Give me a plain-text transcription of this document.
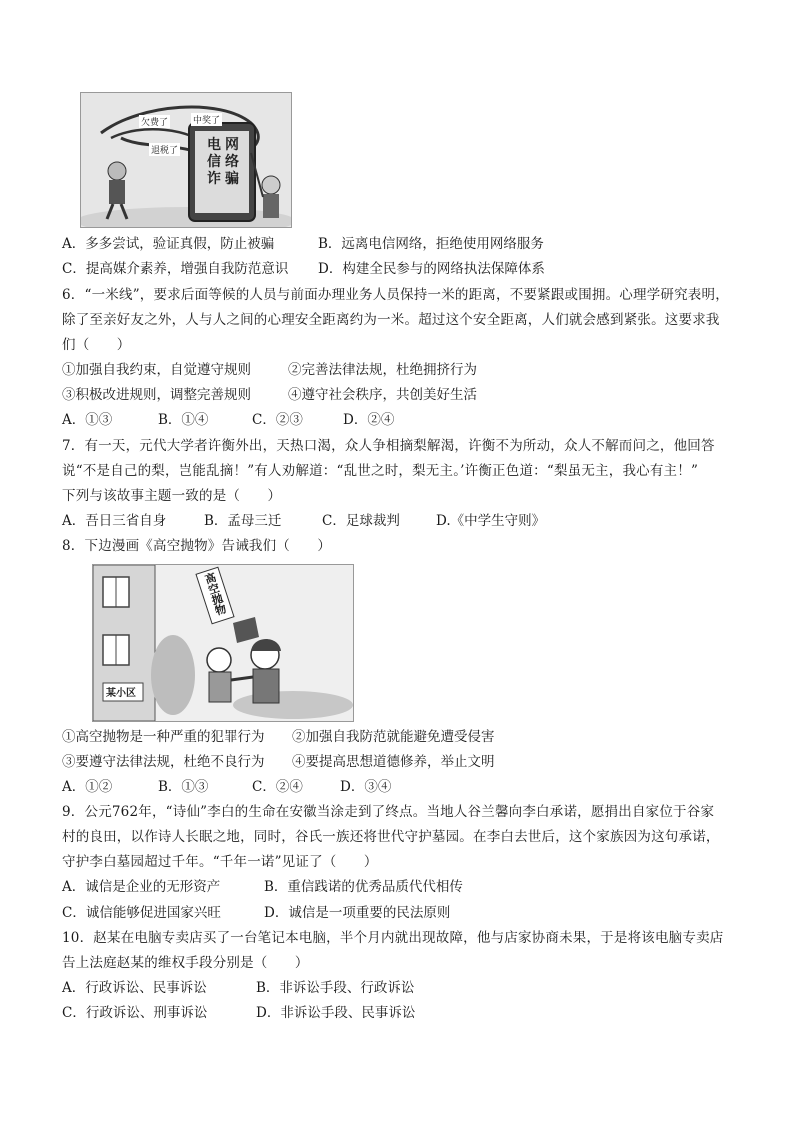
电
信
网
络
诈 骗
欠费了	中奖了
退税了
A．多多尝试，验证真假，防止被骗	B．远离电信网络，拒绝使用网络服务
C．提高媒介素养，增强自我防范意识 D．构建全民参与的网络执法保障体系
6．“一米线”，要求后面等候的人员与前面办理业务人员保持一米的距离，不要紧跟或围拥。心理学研究表明，
除了至亲好友之外，人与人之间的心理安全距离约为一米。超过这个安全距离，人们就会感到紧张。这要求我
们（　　）
①加强自我约束，自觉遵守规则	②完善法律法规，杜绝拥挤行为
③积极改进规则，调整完善规则	④遵守社会秩序，共创美好生活
A．①③	B．①④	C．②③	D．②④
7．有一天，元代大学者许衡外出，天热口渴，众人争相摘梨解渴，许衡不为所动，众人不解而问之，他回答
说“不是自己的梨，岂能乱摘！”有人劝解道：“乱世之时，梨无主。’许衡正色道：“梨虽无主，我心有主！”
下列与该故事主题一致的是（　　）
A．吾日三省自身	B．孟母三迁	C．足球裁判	D.《中学生守则》
8．下边漫画《高空抛物》告诫我们（　　）
高空抛物
某小区
①高空抛物是一种严重的犯罪行为 ②加强自我防范就能避免遭受侵害
③要遵守法律法规，杜绝不良行为 ④要提高思想道德修养，举止文明
A．①②	B．①③	C．②④	D．③④
9．公元762年，“诗仙”李白的生命在安徽当涂走到了终点。当地人谷兰馨向李白承诺，愿捐出自家位于谷家
村的良田，以作诗人长眠之地，同时，谷氏一族还将世代守护墓园。在李白去世后，这个家族因为这句承诺，
守护李白墓园超过千年。“千年一诺”见证了（　　）
A．诚信是企业的无形资产	B．重信践诺的优秀品质代代相传
C．诚信能够促进国家兴旺	D．诚信是一项重要的民法原则
10．赵某在电脑专卖店买了一台笔记本电脑，半个月内就出现故障，他与店家协商未果，于是将该电脑专卖店
告上法庭赵某的维权手段分别是（　　）
A．行政诉讼、民事诉讼	B．非诉讼手段、行政诉讼
C．行政诉讼、刑事诉讼	D．非诉讼手段、民事诉讼
